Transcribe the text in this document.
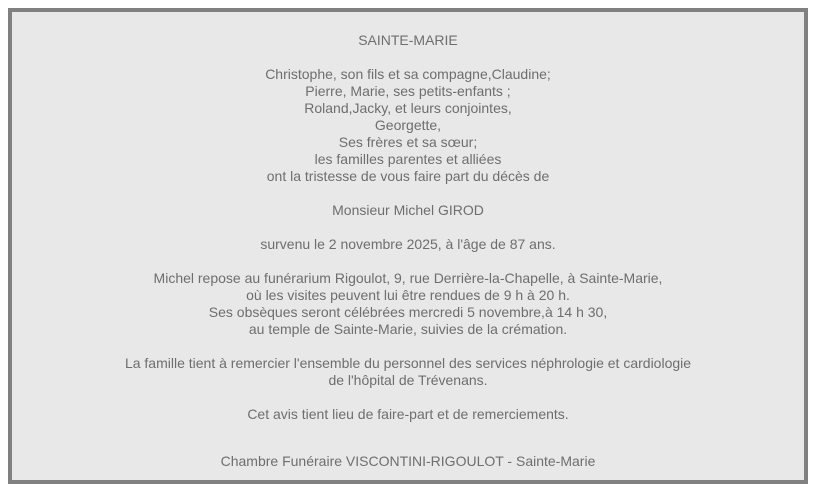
SAINTE-MARIE
Christophe, son fils et sa compagne,Claudine;
Pierre, Marie, ses petits-enfants ;
Roland,Jacky, et leurs conjointes,
Georgette,
Ses frères et sa sœur;
les familles parentes et alliées
ont la tristesse de vous faire part du décès de
Monsieur Michel GIROD
survenu le 2 novembre 2025, à l'âge de 87 ans.
Michel repose au funérarium Rigoulot, 9, rue Derrière-la-Chapelle, à Sainte-Marie,
où les visites peuvent lui être rendues de 9 h à 20 h.
Ses obsèques seront célébrées mercredi 5 novembre,à 14 h 30,
au temple de Sainte-Marie, suivies de la crémation.
La famille tient à remercier l'ensemble du personnel des services néphrologie et cardiologie
de l'hôpital de Trévenans.
Cet avis tient lieu de faire-part et de remerciements.
Chambre Funéraire VISCONTINI-RIGOULOT - Sainte-Marie
